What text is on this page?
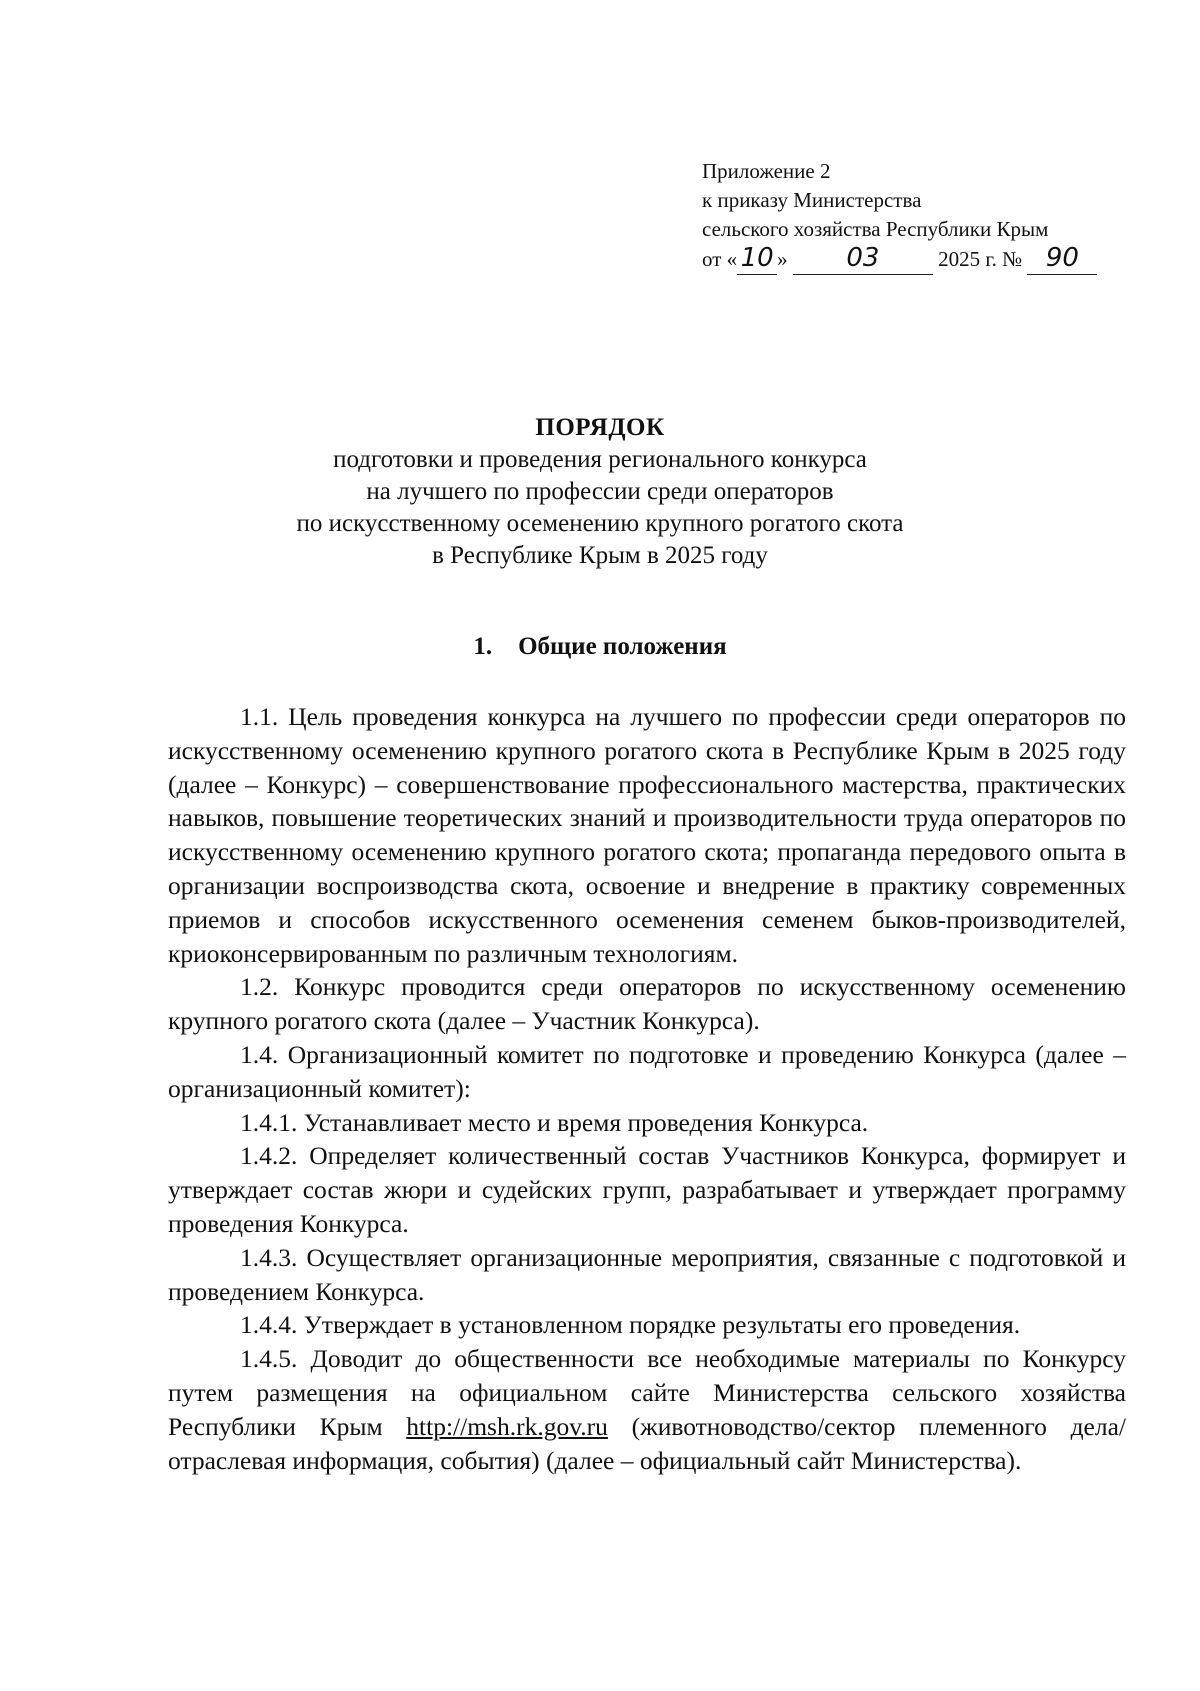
Приложение 2
к приказу Министерства
сельского хозяйства Республики Крым
от « 10 » 03	2025 г. № 90
ПОРЯДОК
подготовки и проведения регионального конкурса
на лучшего по профессии среди операторов
по искусственному осеменению крупного рогатого скота
в Республике Крым в 2025 году
1. Общие положения

1.1. Цель проведения конкурса на лучшего по профессии среди операторов по искусственному осеменению крупного рогатого скота в Республике Крым в 2025 году (далее – Конкурс) – совершенствование профессионального мастерства, практических навыков, повышение теоретических знаний и производительности труда операторов по искусственному осеменению крупного рогатого скота; пропаганда передового опыта в организации воспроизводства скота, освоение и внедрение в практику современных приемов и способов искусственного осеменения семенем быков-производителей, криоконсервированным по различным технологиям.

1.2. Конкурс проводится среди операторов по искусственному осеменению крупного рогатого скота (далее – Участник Конкурса).

1.4. Организационный комитет по подготовке и проведению Конкурса (далее – организационный комитет):

1.4.1. Устанавливает место и время проведения Конкурса.

1.4.2. Определяет количественный состав Участников Конкурса, формирует и утверждает состав жюри и судейских групп, разрабатывает и утверждает программу проведения Конкурса.

1.4.3. Осуществляет организационные мероприятия, связанные с подготовкой и проведением Конкурса.

1.4.4. Утверждает в установленном порядке результаты его проведения.

1.4.5. Доводит до общественности все необходимые материалы по Конкурсу путем размещения на официальном сайте Министерства сельского хозяйства Республики Крым http://msh.rk.gov.ru (животноводство/сектор племенного дела/отраслевая информация, события) (далее – официальный сайт Министерства).
